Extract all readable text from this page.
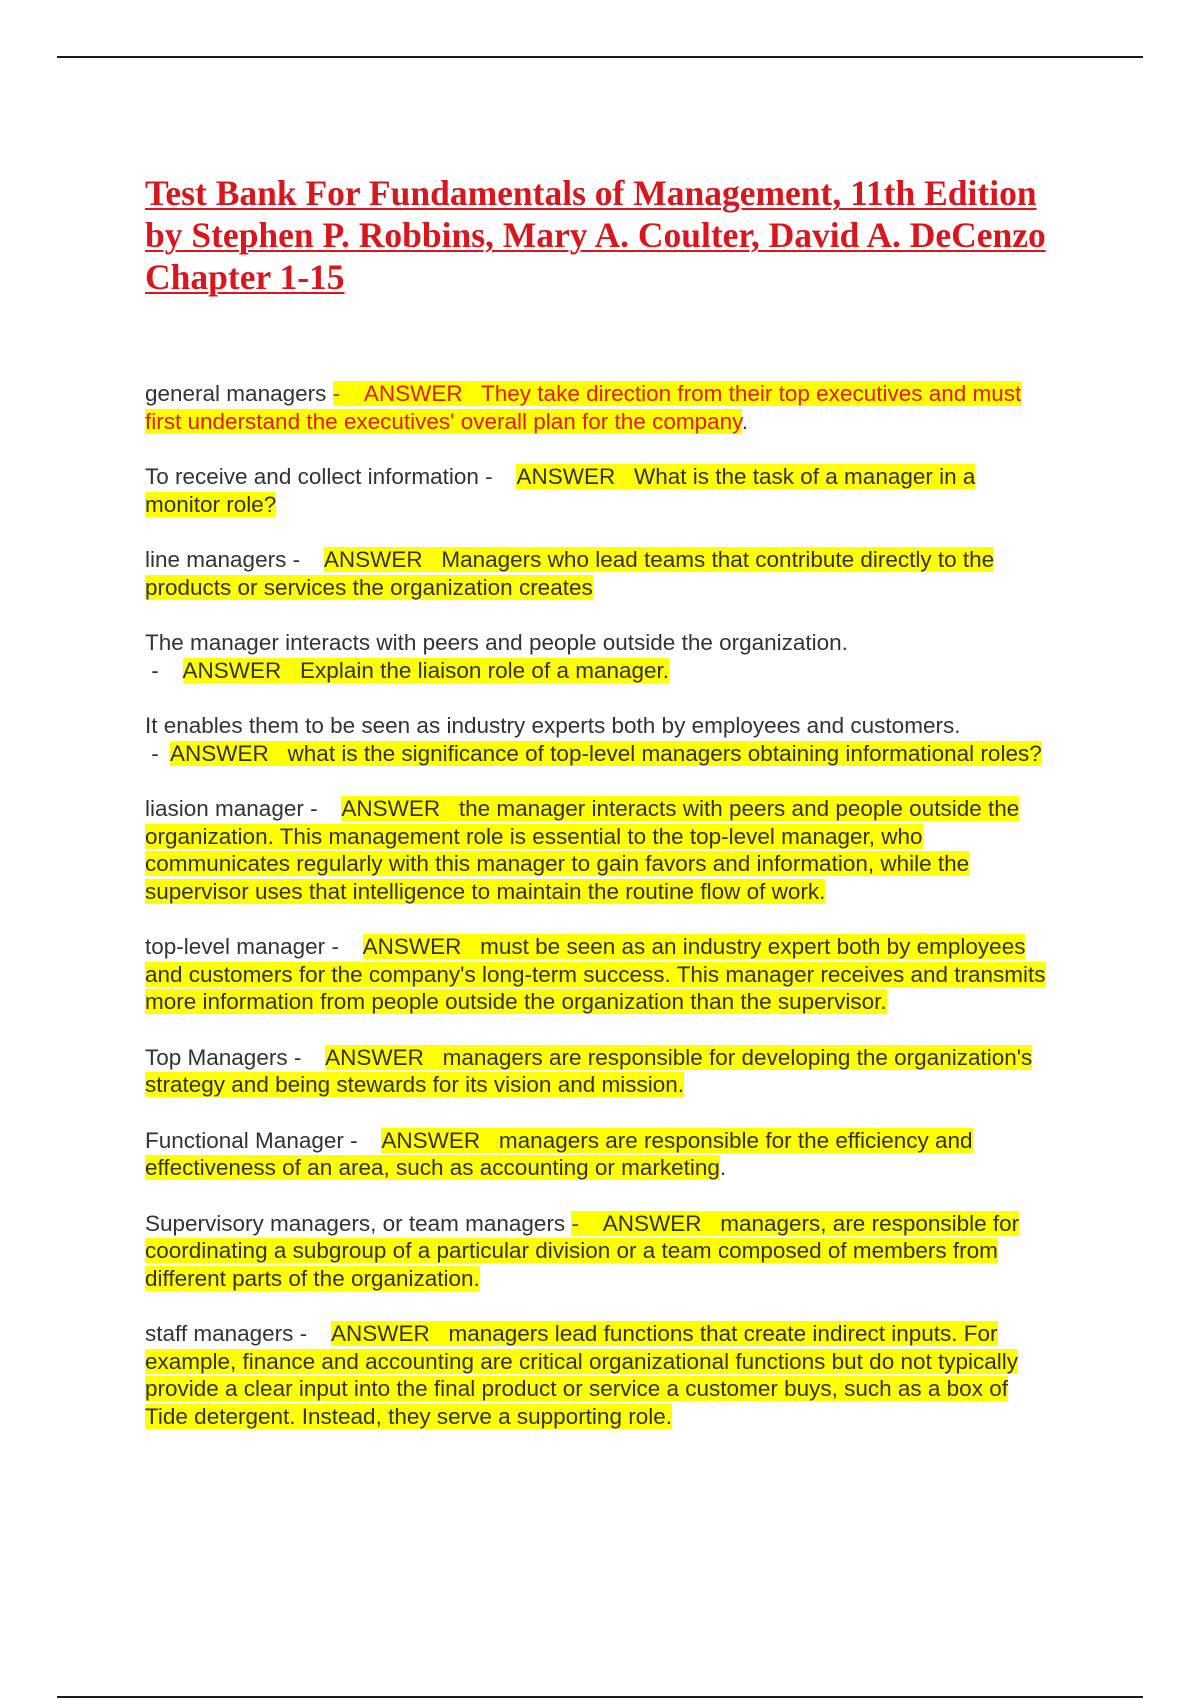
Test Bank For Fundamentals of Management, 11th Edition by Stephen P. Robbins, Mary A. Coulter, David A. DeCenzo Chapter 1-15

general managers -    ANSWER They take direction from their top executives and must first understand the executives' overall plan for the company.

To receive and collect information -    ANSWER What is the task of a manager in a monitor role?

line managers -    ANSWER Managers who lead teams that contribute directly to the products or services the organization creates

The manager interacts with peers and people outside the organization. -    ANSWER Explain the liaison role of a manager.

It enables them to be seen as industry experts both by employees and customers. -  ANSWER what is the significance of top-level managers obtaining informational roles?

liasion manager -    ANSWER the manager interacts with peers and people outside the organization. This management role is essential to the top-level manager, who communicates regularly with this manager to gain favors and information, while the supervisor uses that intelligence to maintain the routine flow of work.

top-level manager -    ANSWER must be seen as an industry expert both by employees and customers for the company's long-term success. This manager receives and transmits more information from people outside the organization than the supervisor.

Top Managers -    ANSWER managers are responsible for developing the organization's strategy and being stewards for its vision and mission.

Functional Manager -    ANSWER managers are responsible for the efficiency and effectiveness of an area, such as accounting or marketing.

Supervisory managers, or team managers -    ANSWER managers, are responsible for coordinating a subgroup of a particular division or a team composed of members from different parts of the organization.

staff managers -    ANSWER managers lead functions that create indirect inputs. For example, finance and accounting are critical organizational functions but do not typically provide a clear input into the final product or service a customer buys, such as a box of Tide detergent. Instead, they serve a supporting role.
